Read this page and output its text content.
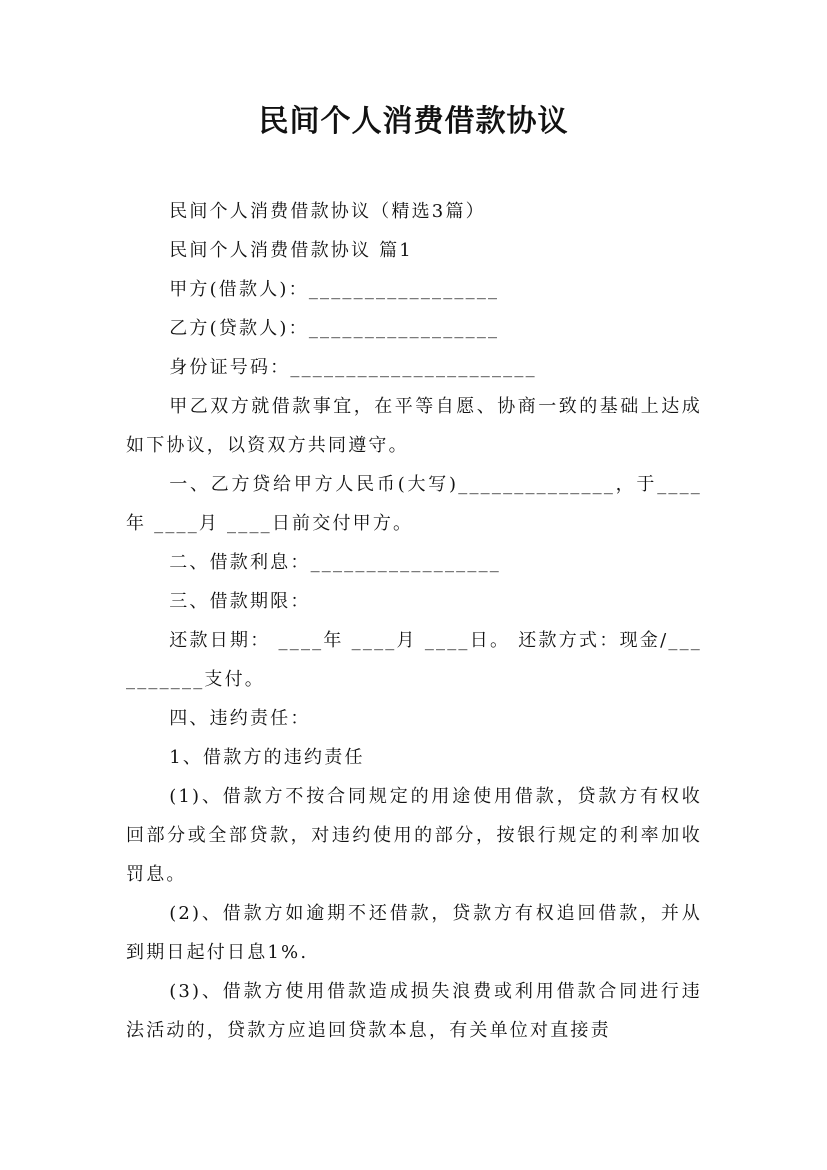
民间个人消费借款协议

民间个人消费借款协议（精选3篇）

民间个人消费借款协议 篇1

甲方(借款人)：_________________

乙方(贷款人)：_________________

身份证号码：______________________

甲乙双方就借款事宜，在平等自愿、协商一致的基础上达成如下协议，以资双方共同遵守。

一、乙方贷给甲方人民币(大写)______________，于____年 ____月 ____日前交付甲方。

二、借款利息：_________________

三、借款期限：

还款日期： ____年 ____月 ____日。 还款方式：现金/__________支付。

四、违约责任：

1、借款方的违约责任

(1)、借款方不按合同规定的用途使用借款，贷款方有权收回部分或全部贷款，对违约使用的部分，按银行规定的利率加收罚息。

(2)、借款方如逾期不还借款，贷款方有权追回借款，并从到期日起付日息1%.

(3)、借款方使用借款造成损失浪费或利用借款合同进行违法活动的，贷款方应追回贷款本息，有关单位对直接责
